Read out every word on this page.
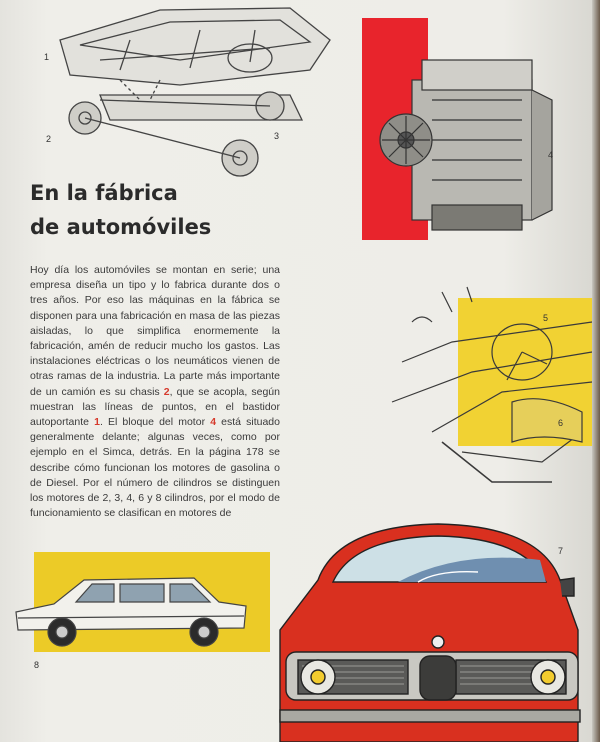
1
2	3
4
En la fábrica
de automóviles

Hoy día los automóviles se montan en serie; una empresa diseña un tipo y lo fabrica durante dos o tres años. Por eso las máquinas en la fábrica se disponen para una fabricación en masa de las piezas aisladas, lo que simplifica enormemente la fabricación, amén de reducir mucho los gastos. Las instalaciones eléctricas o los neumáticos vienen de otras ramas de la industria. La parte más importante de un camión es su chasis 2, que se acopla, según muestran las líneas de puntos, en el bastidor autoportante 1. El bloque del motor 4 está situado generalmente delante; algunas veces, como por ejemplo en el Simca, detrás. En la página 178 se describe cómo funcionan los motores de gasolina o de Diesel. Por el número de cilindros se distinguen los motores de 2, 3, 4, 6 y 8 cilindros, por el modo de funcionamiento se clasifican en motores de

5
6
8
7
